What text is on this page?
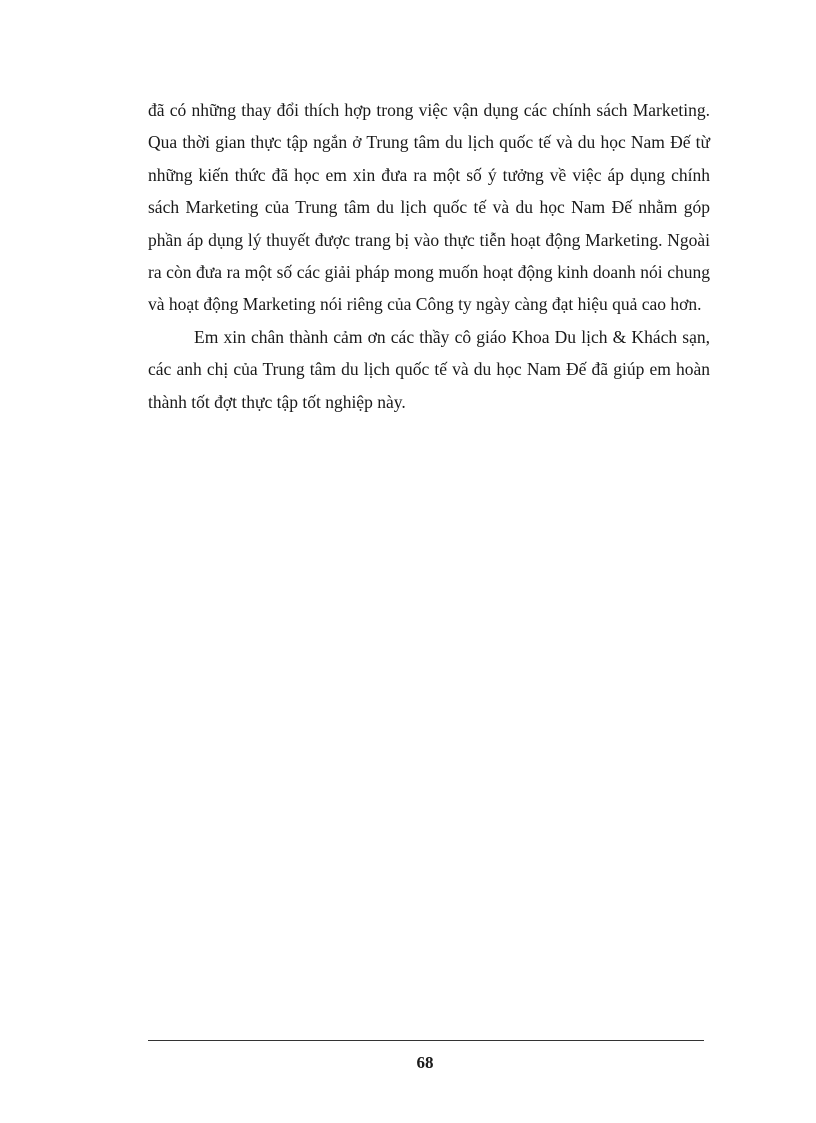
đã có những thay đổi thích hợp trong việc vận dụng các chính sách Marketing. Qua thời gian thực tập ngắn ở Trung tâm du lịch quốc tế và du học Nam Đế từ những kiến thức đã học em xin đưa ra một số ý tưởng về việc áp dụng chính sách Marketing của Trung tâm du lịch quốc tế và du học Nam Đế nhằm góp phần áp dụng lý thuyết được trang bị vào thực tiễn hoạt động Marketing. Ngoài ra còn đưa ra một số các giải pháp mong muốn hoạt động kinh doanh nói chung và hoạt động Marketing nói riêng của Công ty ngày càng đạt hiệu quả cao hơn.

Em xin chân thành cảm ơn các thầy cô giáo Khoa Du lịch & Khách sạn, các anh chị của Trung tâm du lịch quốc tế và du học Nam Đế đã giúp em hoàn thành tốt đợt thực tập tốt nghiệp này.

68
